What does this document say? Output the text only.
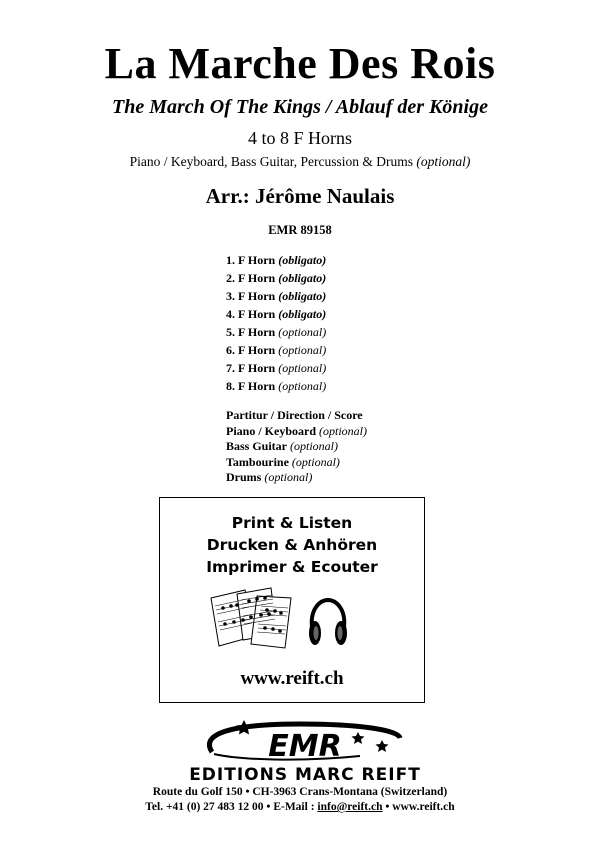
La Marche Des Rois
The March Of The Kings / Ablauf der Könige
4 to 8 F Horns
Piano / Keyboard, Bass Guitar, Percussion & Drums (optional)
Arr.: Jérôme Naulais
EMR 89158
1. F Horn (obligato)
2. F Horn (obligato)
3. F Horn (obligato)
4. F Horn (obligato)
5. F Horn (optional)
6. F Horn (optional)
7. F Horn (optional)
8. F Horn (optional)
Partitur / Direction / Score
Piano / Keyboard (optional)
Bass Guitar (optional)
Tambourine (optional)
Drums (optional)
Print & Listen
Drucken & Anhören
Imprimer & Ecouter
www.reift.ch
EMR
EDITIONS MARC REIFT
Route du Golf 150 • CH-3963 Crans-Montana (Switzerland)
Tel. +41 (0) 27 483 12 00 • E-Mail : info@reift.ch • www.reift.ch
